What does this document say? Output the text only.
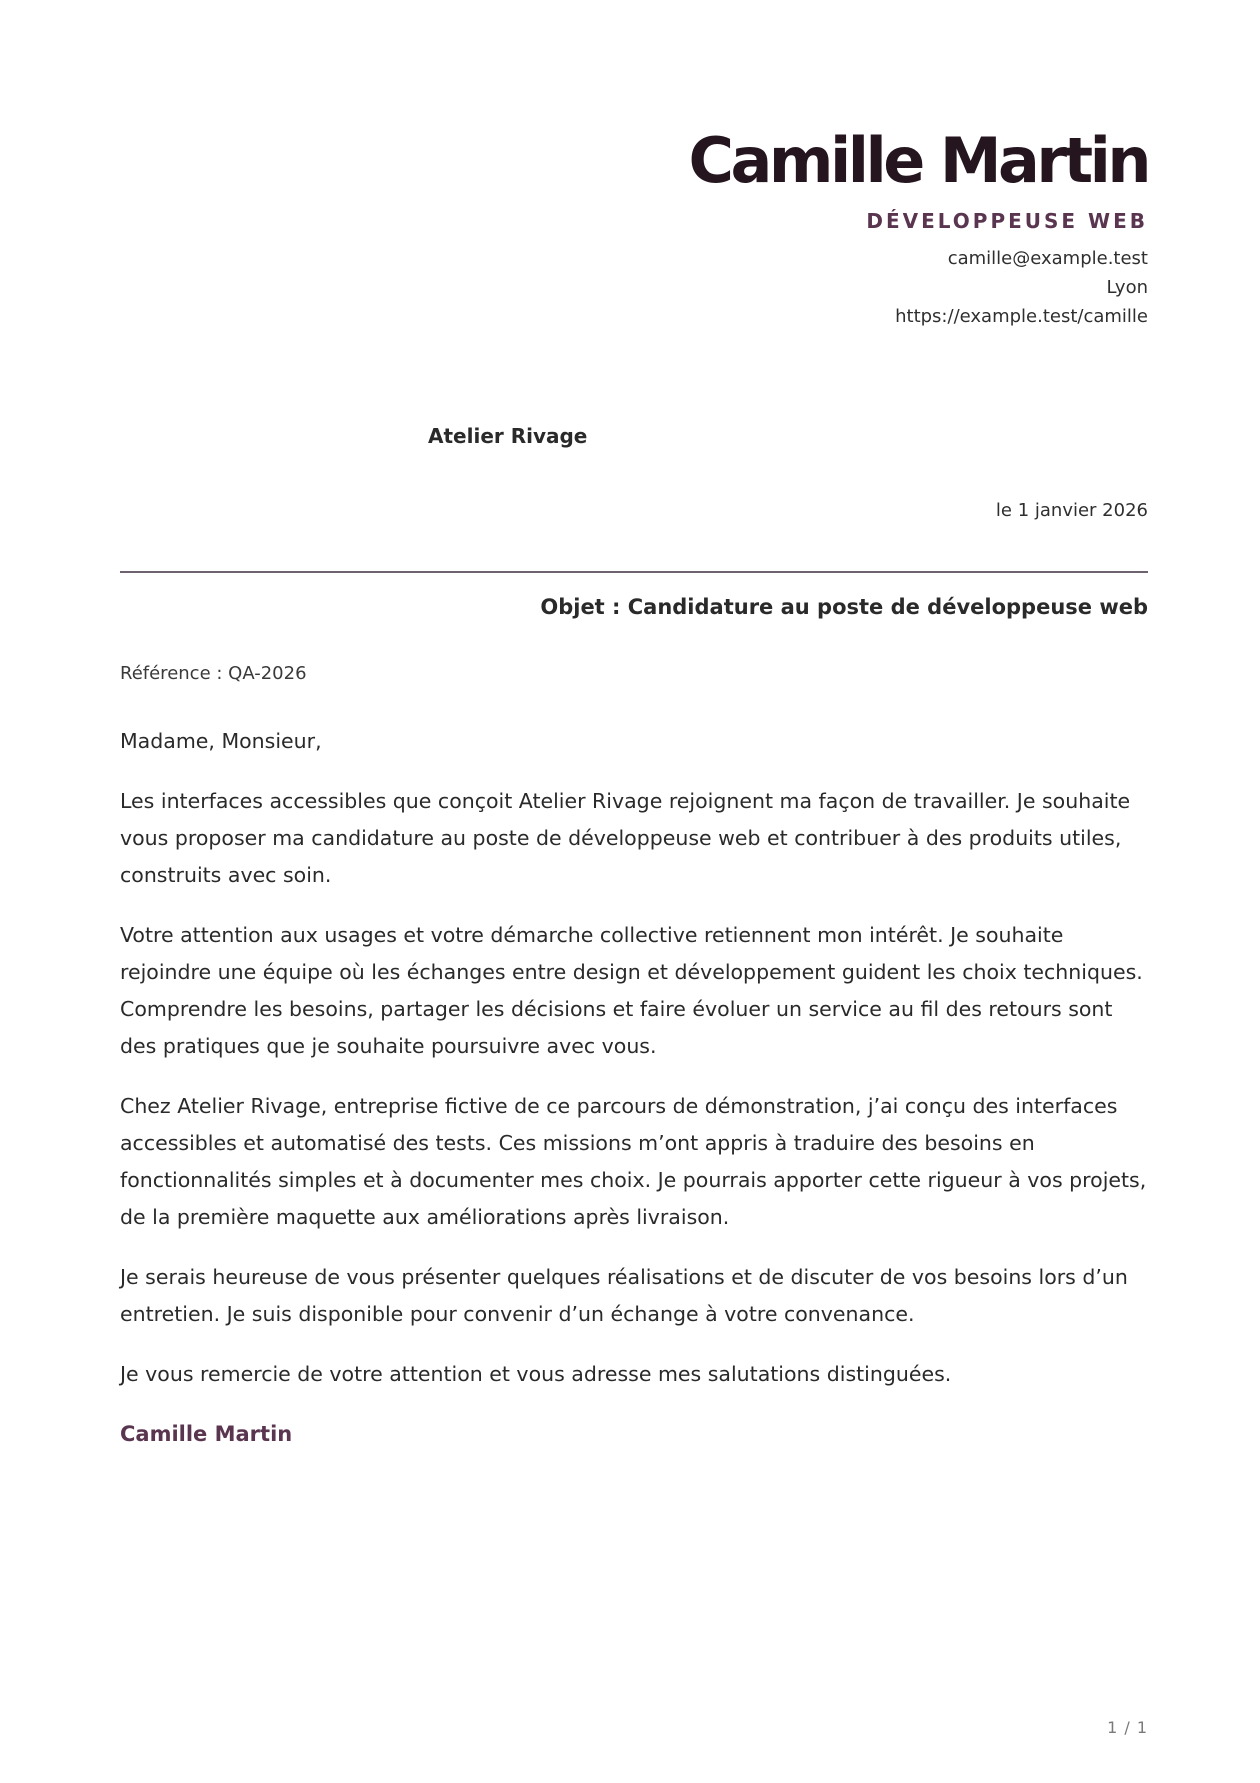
Camille Martin
DÉVELOPPEUSE WEB
camille@example.test
Lyon
https://example.test/camille
Atelier Rivage
le 1 janvier 2026
Objet : Candidature au poste de développeuse web
Référence : QA-2026

Madame, Monsieur,

Les interfaces accessibles que conçoit Atelier Rivage rejoignent ma façon de travailler. Je souhaite vous proposer ma candidature au poste de développeuse web et contribuer à des produits utiles, construits avec soin.

Votre attention aux usages et votre démarche collective retiennent mon intérêt. Je souhaite rejoindre une équipe où les échanges entre design et développement guident les choix techniques. Comprendre les besoins, partager les décisions et faire évoluer un service au fil des retours sont des pratiques que je souhaite poursuivre avec vous.

Chez Atelier Rivage, entreprise fictive de ce parcours de démonstration, j’ai conçu des interfaces accessibles et automatisé des tests. Ces missions m’ont appris à traduire des besoins en fonctionnalités simples et à documenter mes choix. Je pourrais apporter cette rigueur à vos projets, de la première maquette aux améliorations après livraison.

Je serais heureuse de vous présenter quelques réalisations et de discuter de vos besoins lors d’un entretien. Je suis disponible pour convenir d’un échange à votre convenance.

Je vous remercie de votre attention et vous adresse mes salutations distinguées.

Camille Martin
1 / 1
